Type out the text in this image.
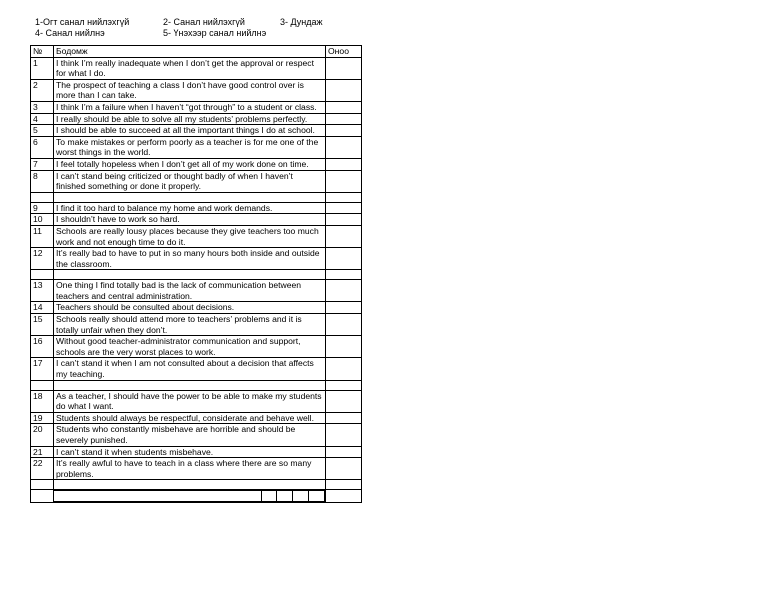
1-Огт санал нийлэхгүй	2- Санал нийлэхгүй	3- Дундаж
4- Санал нийлнэ	5- Үнэхээр санал нийлнэ
№	Бодомж	Оноо
1	I think I’m really inadequate when I don’t get the approval or respect for what I do.	
2	The prospect of teaching a class I don’t have good control over is more than I can take.	
3	I think I’m a failure when I haven’t “got through” to a student or class.	
4	I really should be able to solve all my students’ problems perfectly.	
5	I should be able to succeed at all the important things I do at school.	
6	To make mistakes or perform poorly as a teacher is for me one of the worst things in the world.	
7	I feel totally hopeless when I don’t get all of my work done on time.	
8	I can’t stand being criticized or thought badly of when I haven’t finished something or done it properly.	

9	I find it too hard to balance my home and work demands.	
10	I shouldn’t have to work so hard.	
11	Schools are really lousy places because they give teachers too much work and not enough time to do it.	
12	It’s really bad to have to put in so many hours both inside and outside the classroom.	

13	One thing I find totally bad is the lack of communication between teachers and central administration.	
14	Teachers should be consulted about decisions.	
15	Schools really should attend more to teachers’ problems and it is totally unfair when they don’t.	
16	Without good teacher-administrator communication and support, schools are the very worst places to work.	
17	I can’t stand it when I am not consulted about a decision that affects my teaching.	

18	As a teacher, I should have the power to be able to make my students do what I want.	
19	Students should always be respectful, considerate and behave well.	
20	Students who constantly misbehave are horrible and should be severely punished.	
21	I can’t stand it when students misbehave.	
22	It’s really awful to have to teach in a class where there are so many problems.	
